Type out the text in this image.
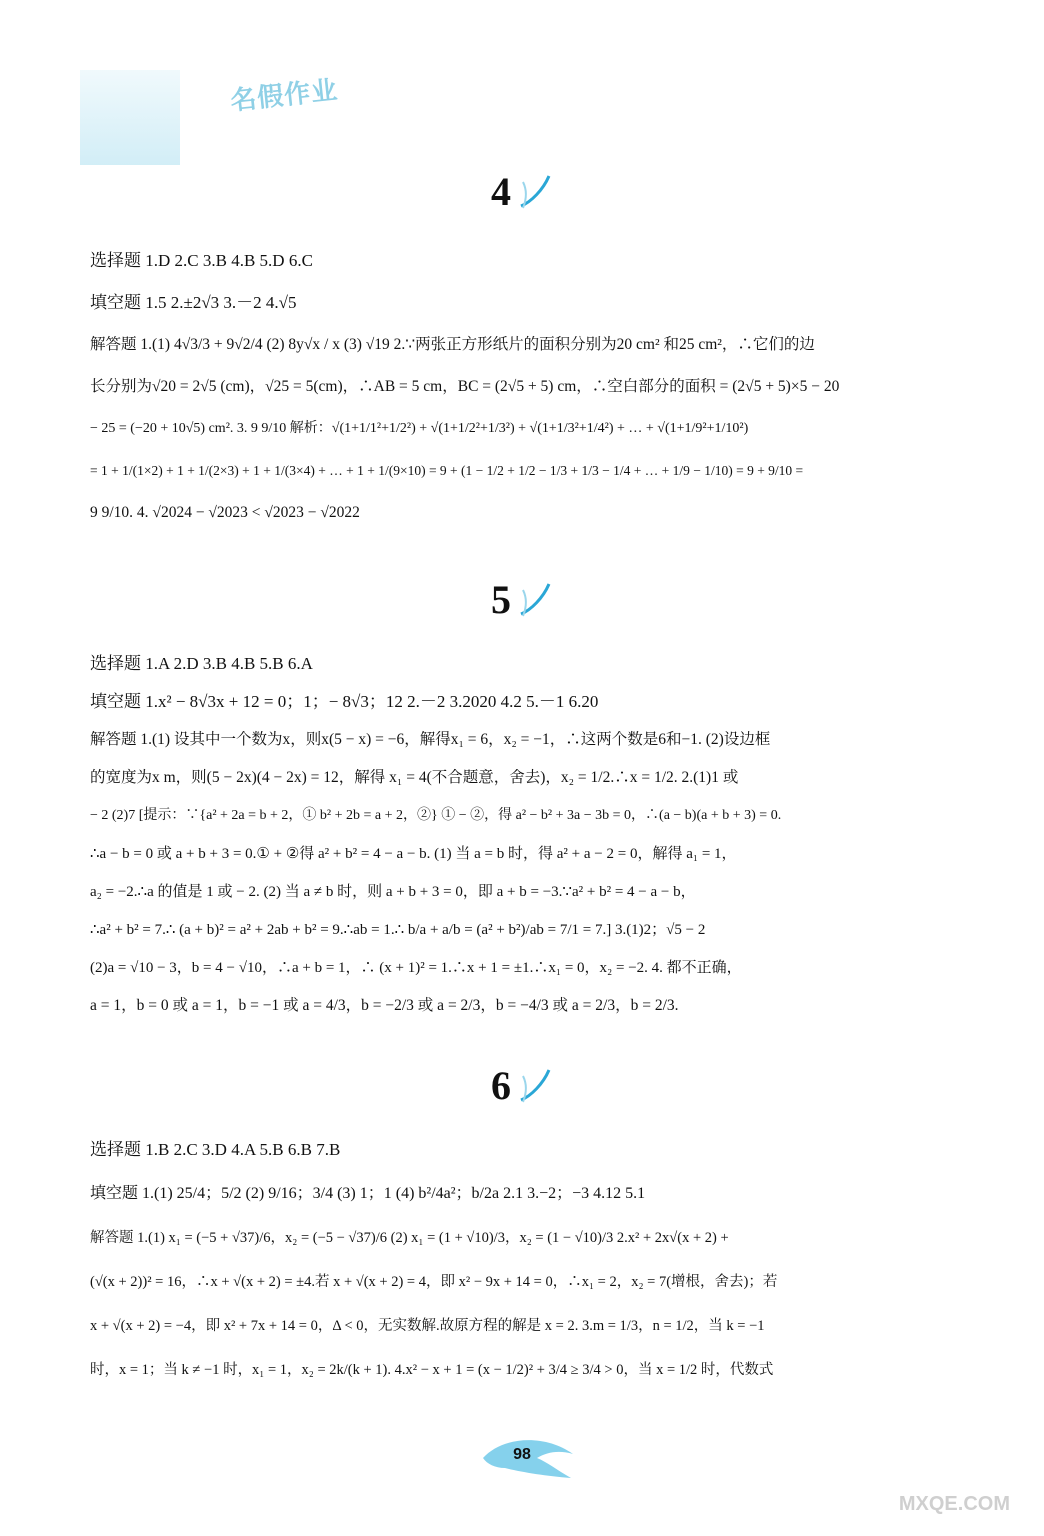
名假作业
4
选择题 1.D 2.C 3.B 4.B 5.D 6.C
填空题 1.5 2.±2√3 3.－2 4.√5
解答题 1.(1) 4√3/3 + 9√2/4 (2) 8y√x / x (3) √19 2.∵两张正方形纸片的面积分别为20 cm² 和25 cm²，∴它们的边
长分别为√20 = 2√5 (cm)，√25 = 5(cm)，∴AB = 5 cm，BC = (2√5 + 5) cm，∴空白部分的面积 = (2√5 + 5)×5 − 20
− 25 = (−20 + 10√5) cm². 3. 9 9/10 解析：√(1+1/1²+1/2²) + √(1+1/2²+1/3²) + √(1+1/3²+1/4²) + … + √(1+1/9²+1/10²)
= 1 + 1/(1×2) + 1 + 1/(2×3) + 1 + 1/(3×4) + … + 1 + 1/(9×10) = 9 + (1 − 1/2 + 1/2 − 1/3 + 1/3 − 1/4 + … + 1/9 − 1/10) = 9 + 9/10 =
9 9/10. 4. √2024 − √2023 < √2023 − √2022
5
选择题 1.A 2.D 3.B 4.B 5.B 6.A
填空题 1.x² − 8√3x + 12 = 0；1；− 8√3；12 2.－2 3.2020 4.2 5.－1 6.20
解答题 1.(1) 设其中一个数为x，则x(5 − x) = −6，解得x₁ = 6，x₂ = −1，∴这两个数是6和−1. (2)设边框
的宽度为x m，则(5 − 2x)(4 − 2x) = 12，解得 x₁ = 4(不合题意，舍去)，x₂ = 1/2.∴x = 1/2. 2.(1)1 或
− 2 (2)7 [提示：∵{a² + 2a = b + 2，① b² + 2b = a + 2，②} ① − ②，得 a² − b² + 3a − 3b = 0，∴(a − b)(a + b + 3) = 0.
∴a − b = 0 或 a + b + 3 = 0.① + ②得 a² + b² = 4 − a − b. (1) 当 a = b 时，得 a² + a − 2 = 0，解得 a₁ = 1，
a₂ = −2.∴a 的值是 1 或 − 2. (2) 当 a ≠ b 时，则 a + b + 3 = 0，即 a + b = −3.∵a² + b² = 4 − a − b，
∴a² + b² = 7.∴ (a + b)² = a² + 2ab + b² = 9.∴ab = 1.∴ b/a + a/b = (a² + b²)/ab = 7/1 = 7.] 3.(1)2；√5 − 2
(2)a = √10 − 3，b = 4 − √10，∴a + b = 1，∴ (x + 1)² = 1.∴x + 1 = ±1.∴x₁ = 0，x₂ = −2. 4. 都不正确，
a = 1，b = 0 或 a = 1，b = −1 或 a = 4/3，b = −2/3 或 a = 2/3，b = −4/3 或 a = 2/3，b = 2/3.
6
选择题 1.B 2.C 3.D 4.A 5.B 6.B 7.B
填空题 1.(1) 25/4；5/2 (2) 9/16；3/4 (3) 1；1 (4) b²/4a²；b/2a 2.1 3.−2；−3 4.12 5.1
解答题 1.(1) x₁ = (−5 + √37)/6，x₂ = (−5 − √37)/6 (2) x₁ = (1 + √10)/3，x₂ = (1 − √10)/3 2.x² + 2x√(x + 2) +
(√(x + 2))² = 16，∴x + √(x + 2) = ±4.若 x + √(x + 2) = 4，即 x² − 9x + 14 = 0，∴x₁ = 2，x₂ = 7(增根，舍去)；若
x + √(x + 2) = −4，即 x² + 7x + 14 = 0，Δ < 0，无实数解.故原方程的解是 x = 2. 3.m = 1/3，n = 1/2，当 k = −1
时，x = 1；当 k ≠ −1 时，x₁ = 1，x₂ = 2k/(k + 1). 4.x² − x + 1 = (x − 1/2)² + 3/4 ≥ 3/4 > 0，当 x = 1/2 时，代数式
98
MXQE.COM
